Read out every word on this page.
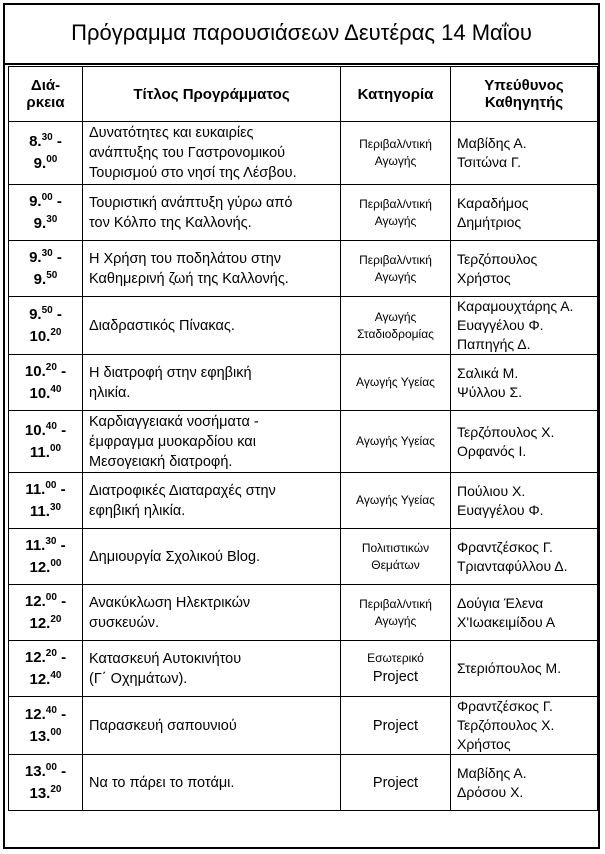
Πρόγραμμα παρουσιάσεων Δευτέρας 14 Μαΐου
Διά-
ρκεια	Τίτλος Προγράμματος	Κατηγορία	Υπεύθυνος
Καθηγητής

8.30 -
9.00	Δυνατότητες και ευκαιρίες
ανάπτυξης του Γαστρονομικού
Τουρισμού στο νησί της Λέσβου.	Περιβαλ/ντική
Αγωγής	Μαβίδης Α.
Τσιτώνα Γ.

9.00 -
9.30	Τουριστική ανάπτυξη γύρω από
τον Κόλπο της Καλλονής.	Περιβαλ/ντική
Αγωγής	Καραδήμος
Δημήτριος

9.30 -
9.50	Η Χρήση του ποδηλάτου στην
Καθημερινή ζωή της Καλλονής.	Περιβαλ/ντική
Αγωγής	Τερζόπουλος
Χρήστος

9.50 -
10.20	Διαδραστικός Πίνακας.	Αγωγής
Σταδιοδρομίας	Καραμουχτάρης Α.
Ευαγγέλου Φ.
Παπηγής Δ.

10.20 -
10.40	Η διατροφή στην εφηβική
ηλικία.	Αγωγής Υγείας	Σαλικά Μ.
Ψύλλου Σ.

10.40 -
11.00	Καρδιαγγειακά νοσήματα -
έμφραγμα μυοκαρδίου και
Μεσογειακή διατροφή.	Αγωγής Υγείας	Τερζόπουλος Χ.
Ορφανός Ι.

11.00 -
11.30	Διατροφικές Διαταραχές στην
εφηβική ηλικία.	Αγωγής Υγείας	Πούλιου Χ.
Ευαγγέλου Φ.

11.30 -
12.00	Δημιουργία Σχολικού Blog.	Πολιτιστικών
Θεμάτων	Φραντζέσκος Γ.
Τριανταφύλλου Δ.

12.00 -
12.20	Ανακύκλωση Ηλεκτρικών
συσκευών.	Περιβαλ/ντική
Αγωγής	Δούγια Έλενα
Χ'Ιωακειμίδου Α

12.20 -
12.40	Κατασκευή Αυτοκινήτου
(Γ΄ Οχημάτων).	Εσωτερικό
Project	Στεριόπουλος Μ.

12.40 -
13.00	Παρασκευή σαπουνιού	Project	Φραντζέσκος Γ.
Τερζόπουλος Χ.
Χρήστος

13.00 -
13.20	Να το πάρει το ποτάμι.	Project	Μαβίδης Α.
Δρόσου Χ.
